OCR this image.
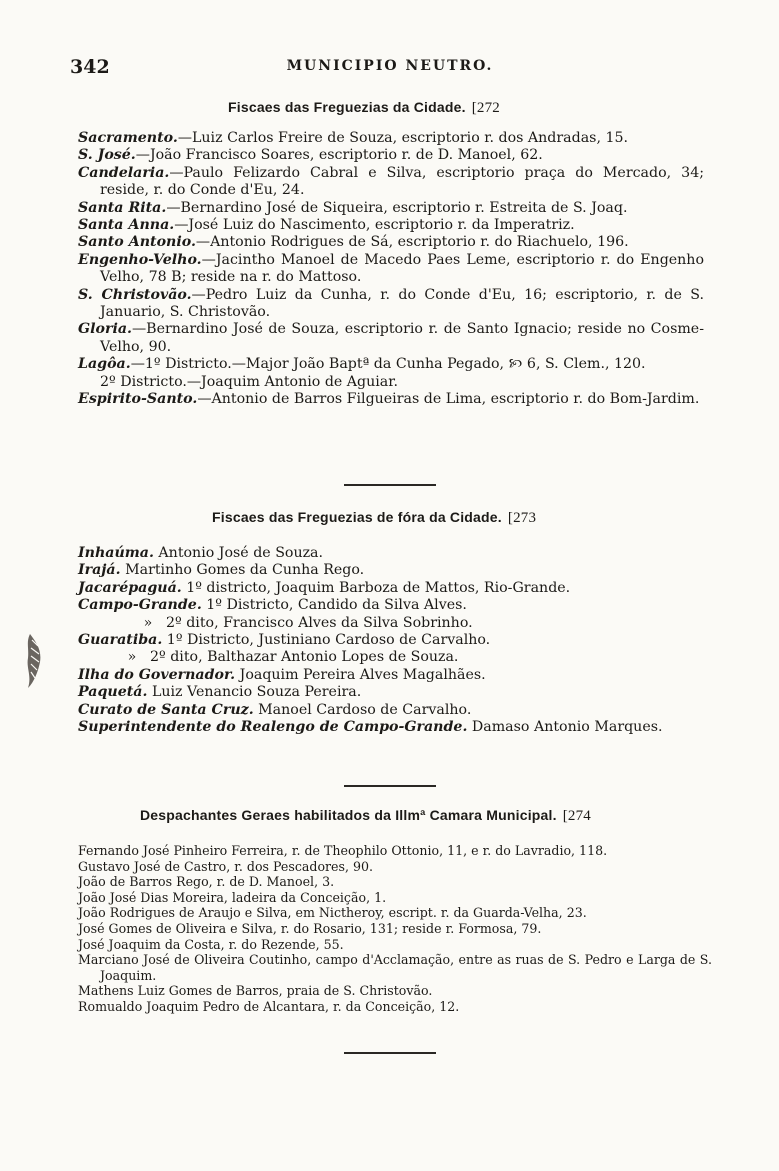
342	MUNICIPIO NEUTRO.
Fiscaes das Freguezias da Cidade. [272
Sacramento.—Luiz Carlos Freire de Souza, escriptorio r. dos Andradas, 15.
S. José.—João Francisco Soares, escriptorio r. de D. Manoel, 62.
Candelaria.—Paulo Felizardo Cabral e Silva, escriptorio praça do Mercado, 34; reside, r. do Conde d'Eu, 24.
Santa Rita.—Bernardino José de Siqueira, escriptorio r. Estreita de S. Joaq.
Santa Anna.—José Luiz do Nascimento, escriptorio r. da Imperatriz.
Santo Antonio.—Antonio Rodrigues de Sá, escriptorio r. do Riachuelo, 196.
Engenho-Velho.—Jacintho Manoel de Macedo Paes Leme, escriptorio r. do Engenho Velho, 78 B; reside na r. do Mattoso.
S. Christovão.—Pedro Luiz da Cunha, r. do Conde d'Eu, 16; escriptorio, r. de S. Januario, S. Christovão.
Gloria.—Bernardino José de Souza, escriptorio r. de Santo Ignacio; reside no Cosme-Velho, 90.
Lagôa.—1º Districto.—Major João Baptª da Cunha Pegado, 🙡 6, S. Clem., 120.
2º Districto.—Joaquim Antonio de Aguiar.
Espirito-Santo.—Antonio de Barros Filgueiras de Lima, escriptorio r. do Bom-Jardim.
Fiscaes das Freguezias de fóra da Cidade. [273
Inhaúma. Antonio José de Souza.
Irajá. Martinho Gomes da Cunha Rego.
Jacarépaguá. 1º districto, Joaquim Barboza de Mattos, Rio-Grande.
Campo-Grande. 1º Districto, Candido da Silva Alves.
» 2º dito, Francisco Alves da Silva Sobrinho.
Guaratiba. 1º Districto, Justiniano Cardoso de Carvalho.
» 2º dito, Balthazar Antonio Lopes de Souza.
Ilha do Governador. Joaquim Pereira Alves Magalhães.
Paquetá. Luiz Venancio Souza Pereira.
Curato de Santa Cruz. Manoel Cardoso de Carvalho.
Superintendente do Realengo de Campo-Grande. Damaso Antonio Marques.
Despachantes Geraes habilitados da Illmª Camara Municipal. [274
Fernando José Pinheiro Ferreira, r. de Theophilo Ottonio, 11, e r. do Lavradio, 118.
Gustavo José de Castro, r. dos Pescadores, 90.
João de Barros Rego, r. de D. Manoel, 3.
João José Dias Moreira, ladeira da Conceição, 1.
João Rodrigues de Araujo e Silva, em Nictheroy, escript. r. da Guarda-Velha, 23.
José Gomes de Oliveira e Silva, r. do Rosario, 131; reside r. Formosa, 79.
José Joaquim da Costa, r. do Rezende, 55.
Marciano José de Oliveira Coutinho, campo d'Acclamação, entre as ruas de S. Pedro e Larga de S. Joaquim.
Mathens Luiz Gomes de Barros, praia de S. Christovão.
Romualdo Joaquim Pedro de Alcantara, r. da Conceição, 12.
